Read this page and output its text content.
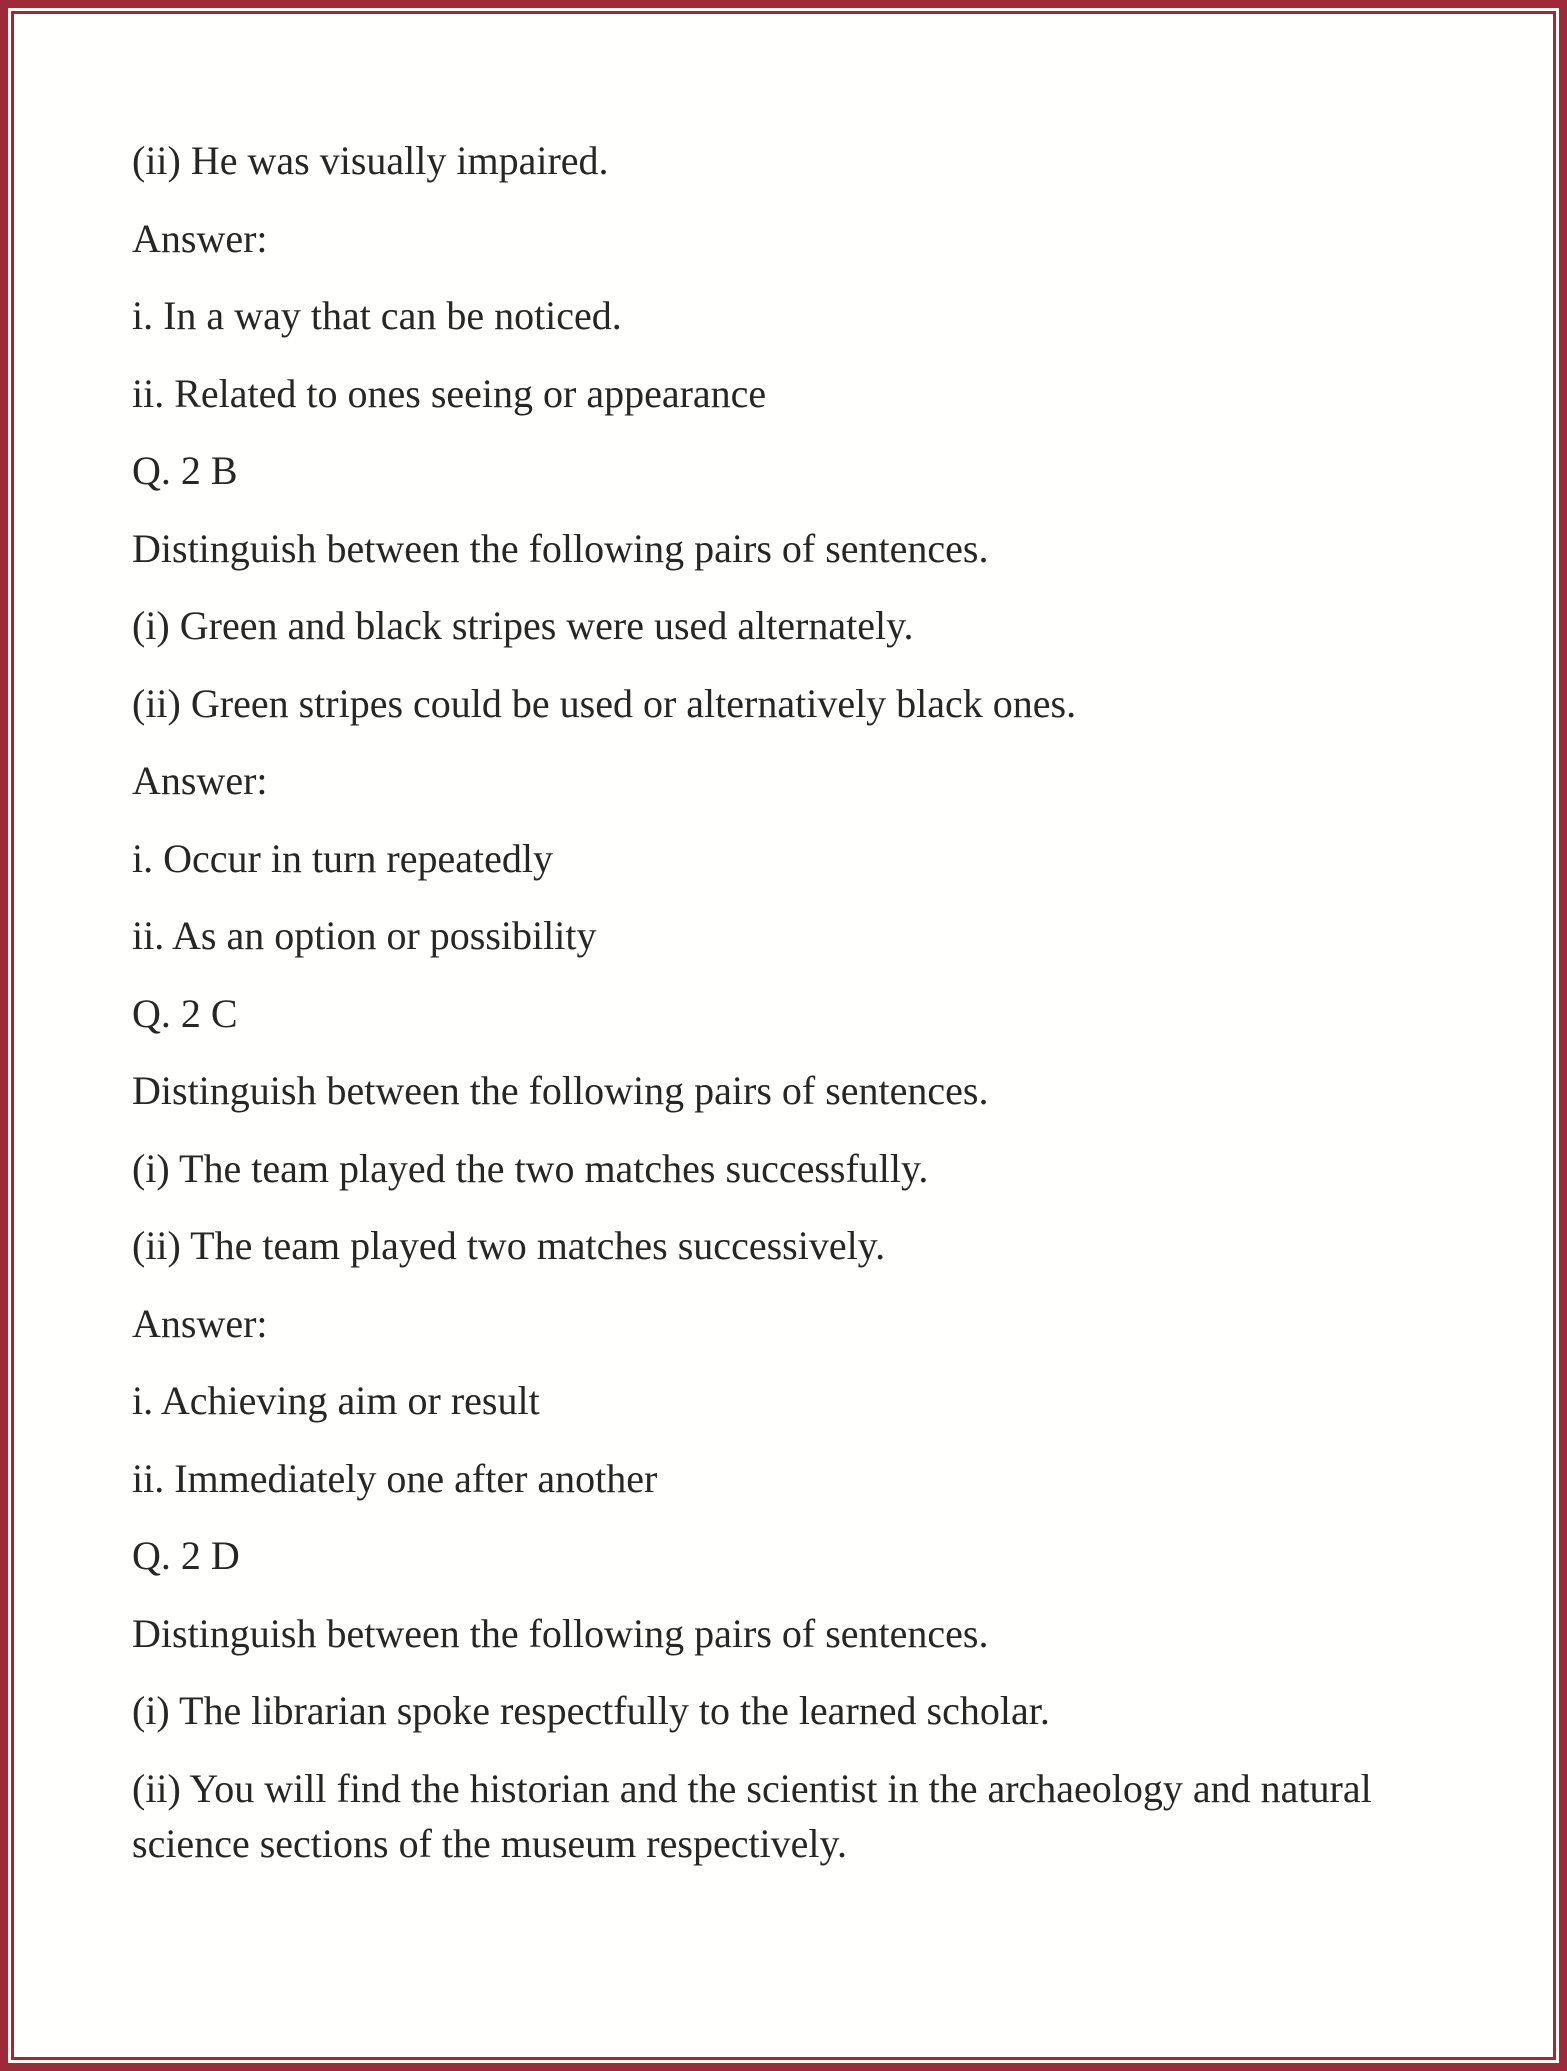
(ii) He was visually impaired.

Answer:

i. In a way that can be noticed.

ii. Related to ones seeing or appearance

Q. 2 B

Distinguish between the following pairs of sentences.

(i) Green and black stripes were used alternately.

(ii) Green stripes could be used or alternatively black ones.

Answer:

i. Occur in turn repeatedly

ii. As an option or possibility

Q. 2 C

Distinguish between the following pairs of sentences.

(i) The team played the two matches successfully.

(ii) The team played two matches successively.

Answer:

i. Achieving aim or result

ii. Immediately one after another

Q. 2 D

Distinguish between the following pairs of sentences.

(i) The librarian spoke respectfully to the learned scholar.

(ii) You will find the historian and the scientist in the archaeology and natural science sections of the museum respectively.
